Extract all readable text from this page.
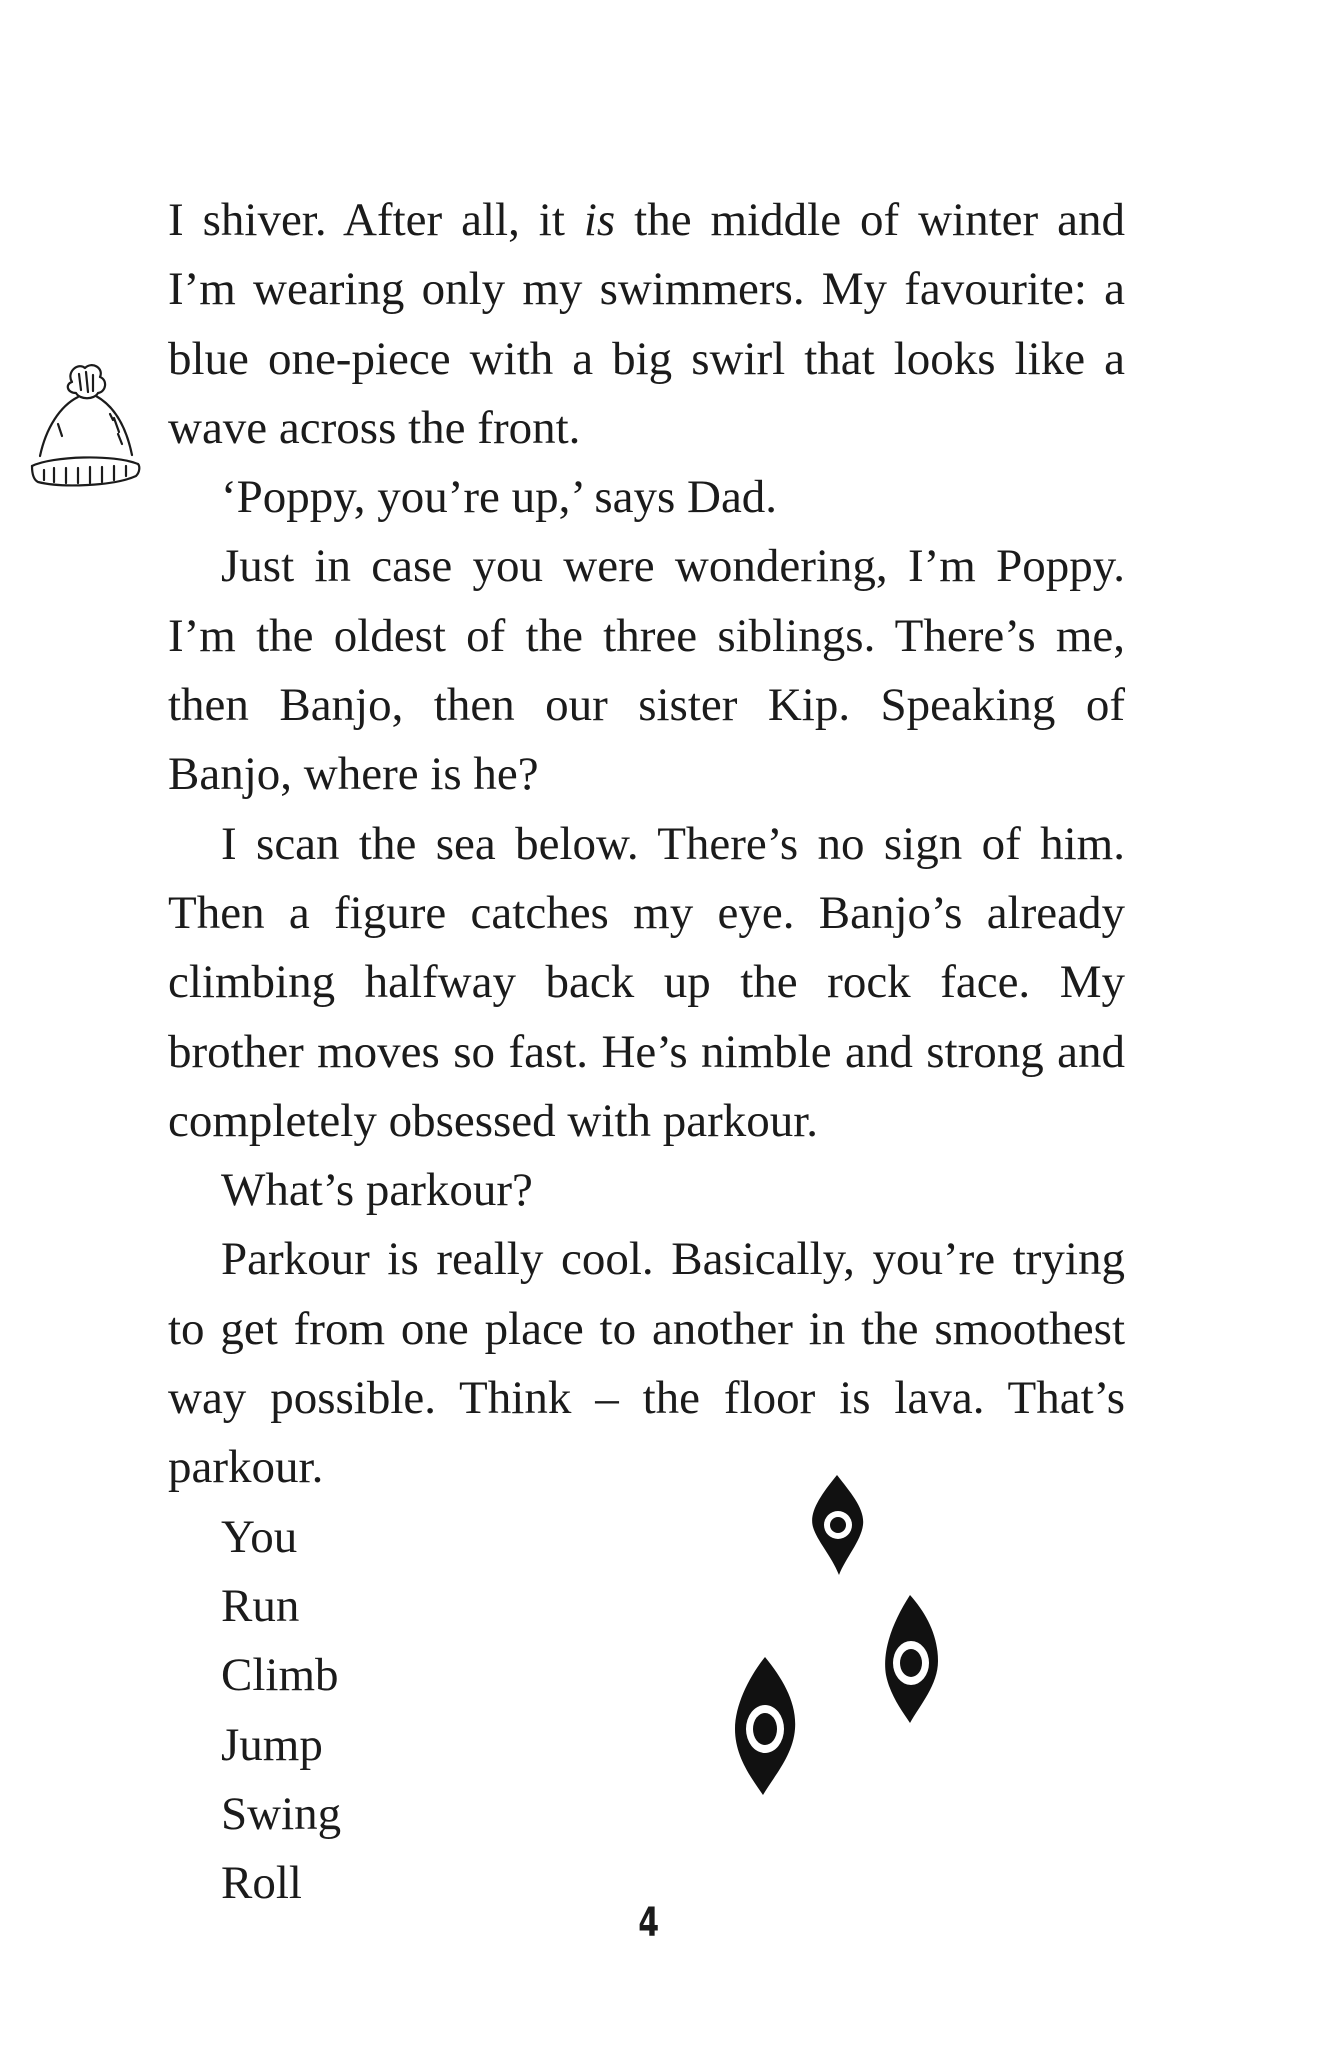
I shiver. After all, it is the middle of winter and I’m wearing only my swimmers. My favourite: a blue one-piece with a big swirl that looks like a wave across the front.

‘Poppy, you’re up,’ says Dad.

Just in case you were wondering, I’m Poppy. I’m the oldest of the three siblings. There’s me, then Banjo, then our sister Kip. Speaking of Banjo, where is he?

I scan the sea below. There’s no sign of him. Then a figure catches my eye. Banjo’s already climbing halfway back up the rock face. My brother moves so fast. He’s nimble and strong and completely obsessed with parkour.

What’s parkour?

Parkour is really cool. Basically, you’re trying to get from one place to another in the smoothest way possible. Think – the floor is lava. That’s parkour.

You
Run
Climb
Jump
Swing
Roll
4
